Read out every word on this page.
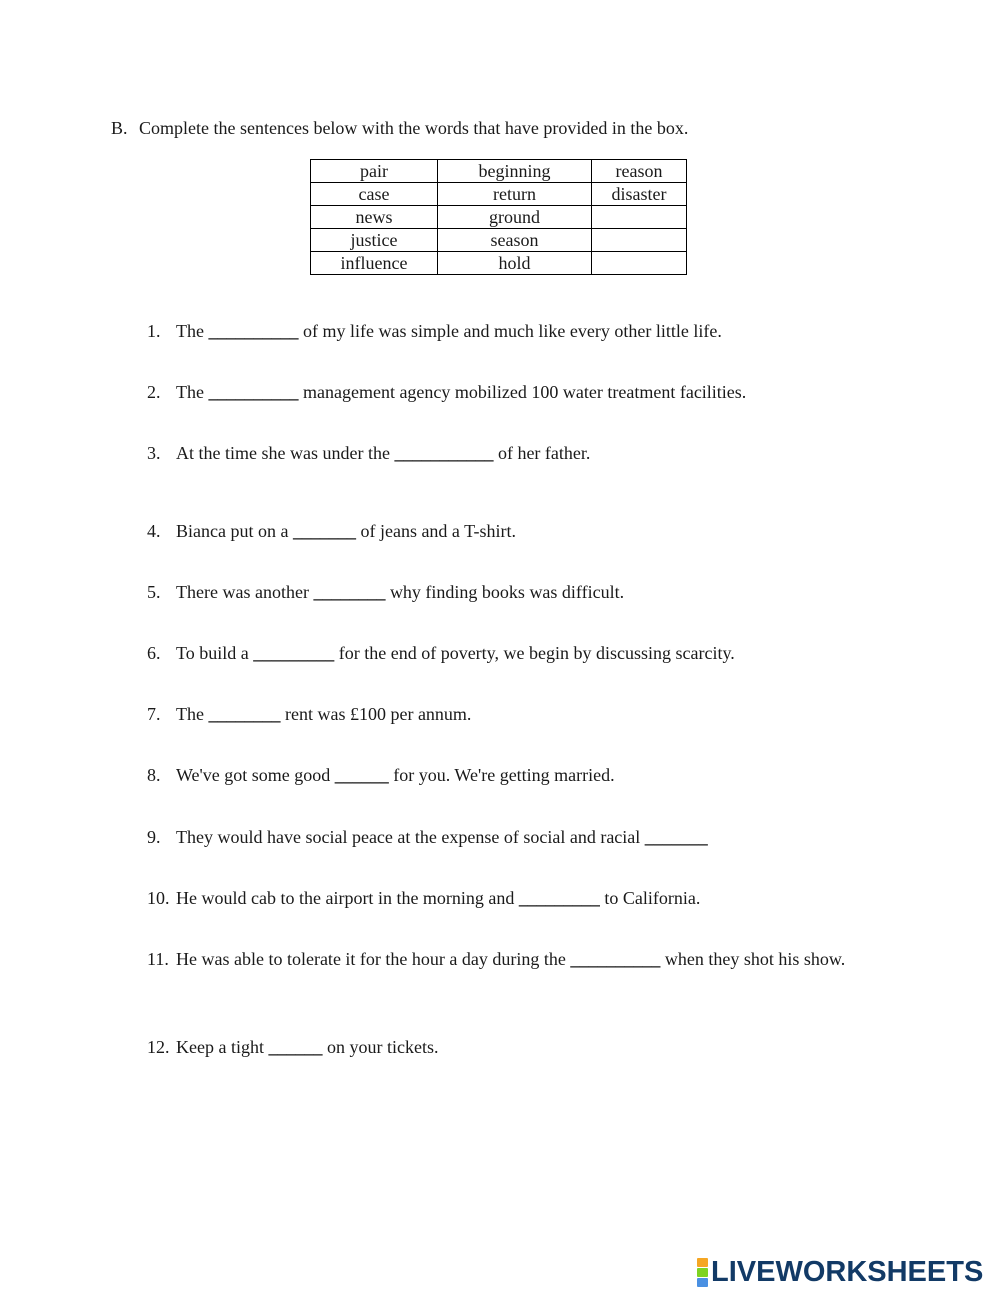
B. Complete the sentences below with the words that have provided in the box.
pair	beginning	reason
case	return	disaster
news	ground	
justice	season	
influence	hold	
1. The __________ of my life was simple and much like every other little life.
2. The __________ management agency mobilized 100 water treatment facilities.
3. At the time she was under the ___________ of her father.
4. Bianca put on a _______ of jeans and a T-shirt.
5. There was another ________ why finding books was difficult.
6. To build a _________ for the end of poverty, we begin by discussing scarcity.
7. The ________ rent was £100 per annum.
8. We've got some good ______ for you. We're getting married.
9. They would have social peace at the expense of social and racial _______
10. He would cab to the airport in the morning and _________ to California.
11. He was able to tolerate it for the hour a day during the __________ when they shot his show.
12. Keep a tight ______ on your tickets.
LIVEWORKSHEETS
